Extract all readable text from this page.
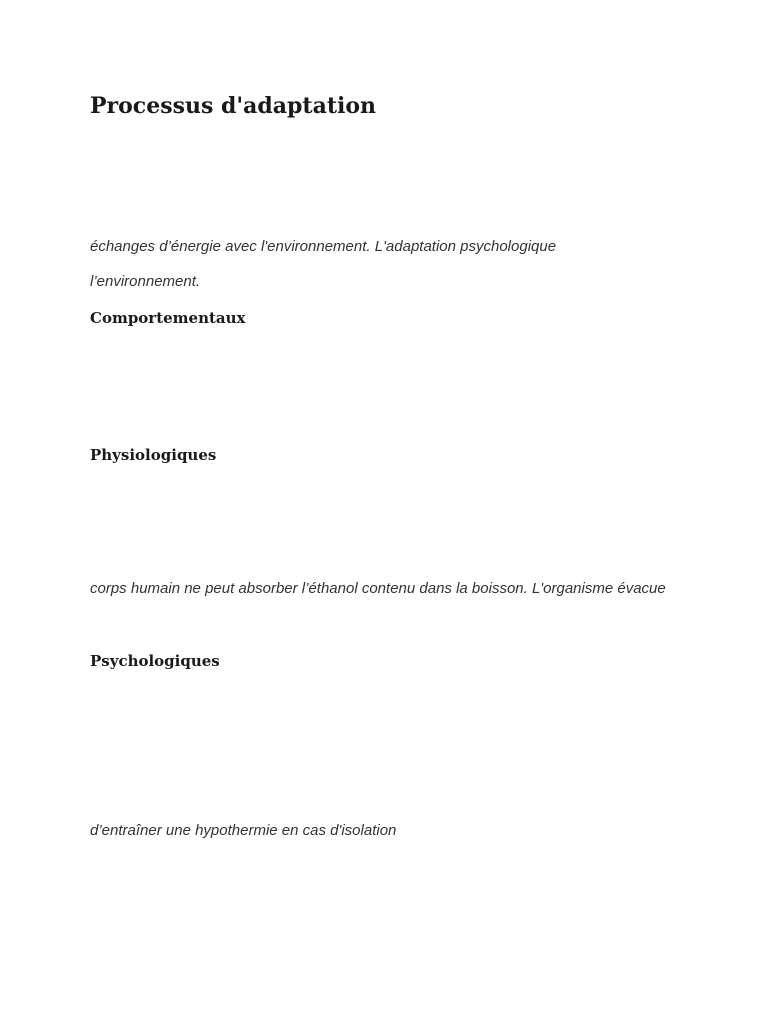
Processus d'adaptation

échanges d’énergie avec l'environnement. L'adaptation psychologique

l’environnement.

Comportementaux
Physiologiques

corps humain ne peut absorber l’éthanol contenu dans la boisson. L'organisme évacue

Psychologiques

d’entraîner une hypothermie en cas d'isolation
